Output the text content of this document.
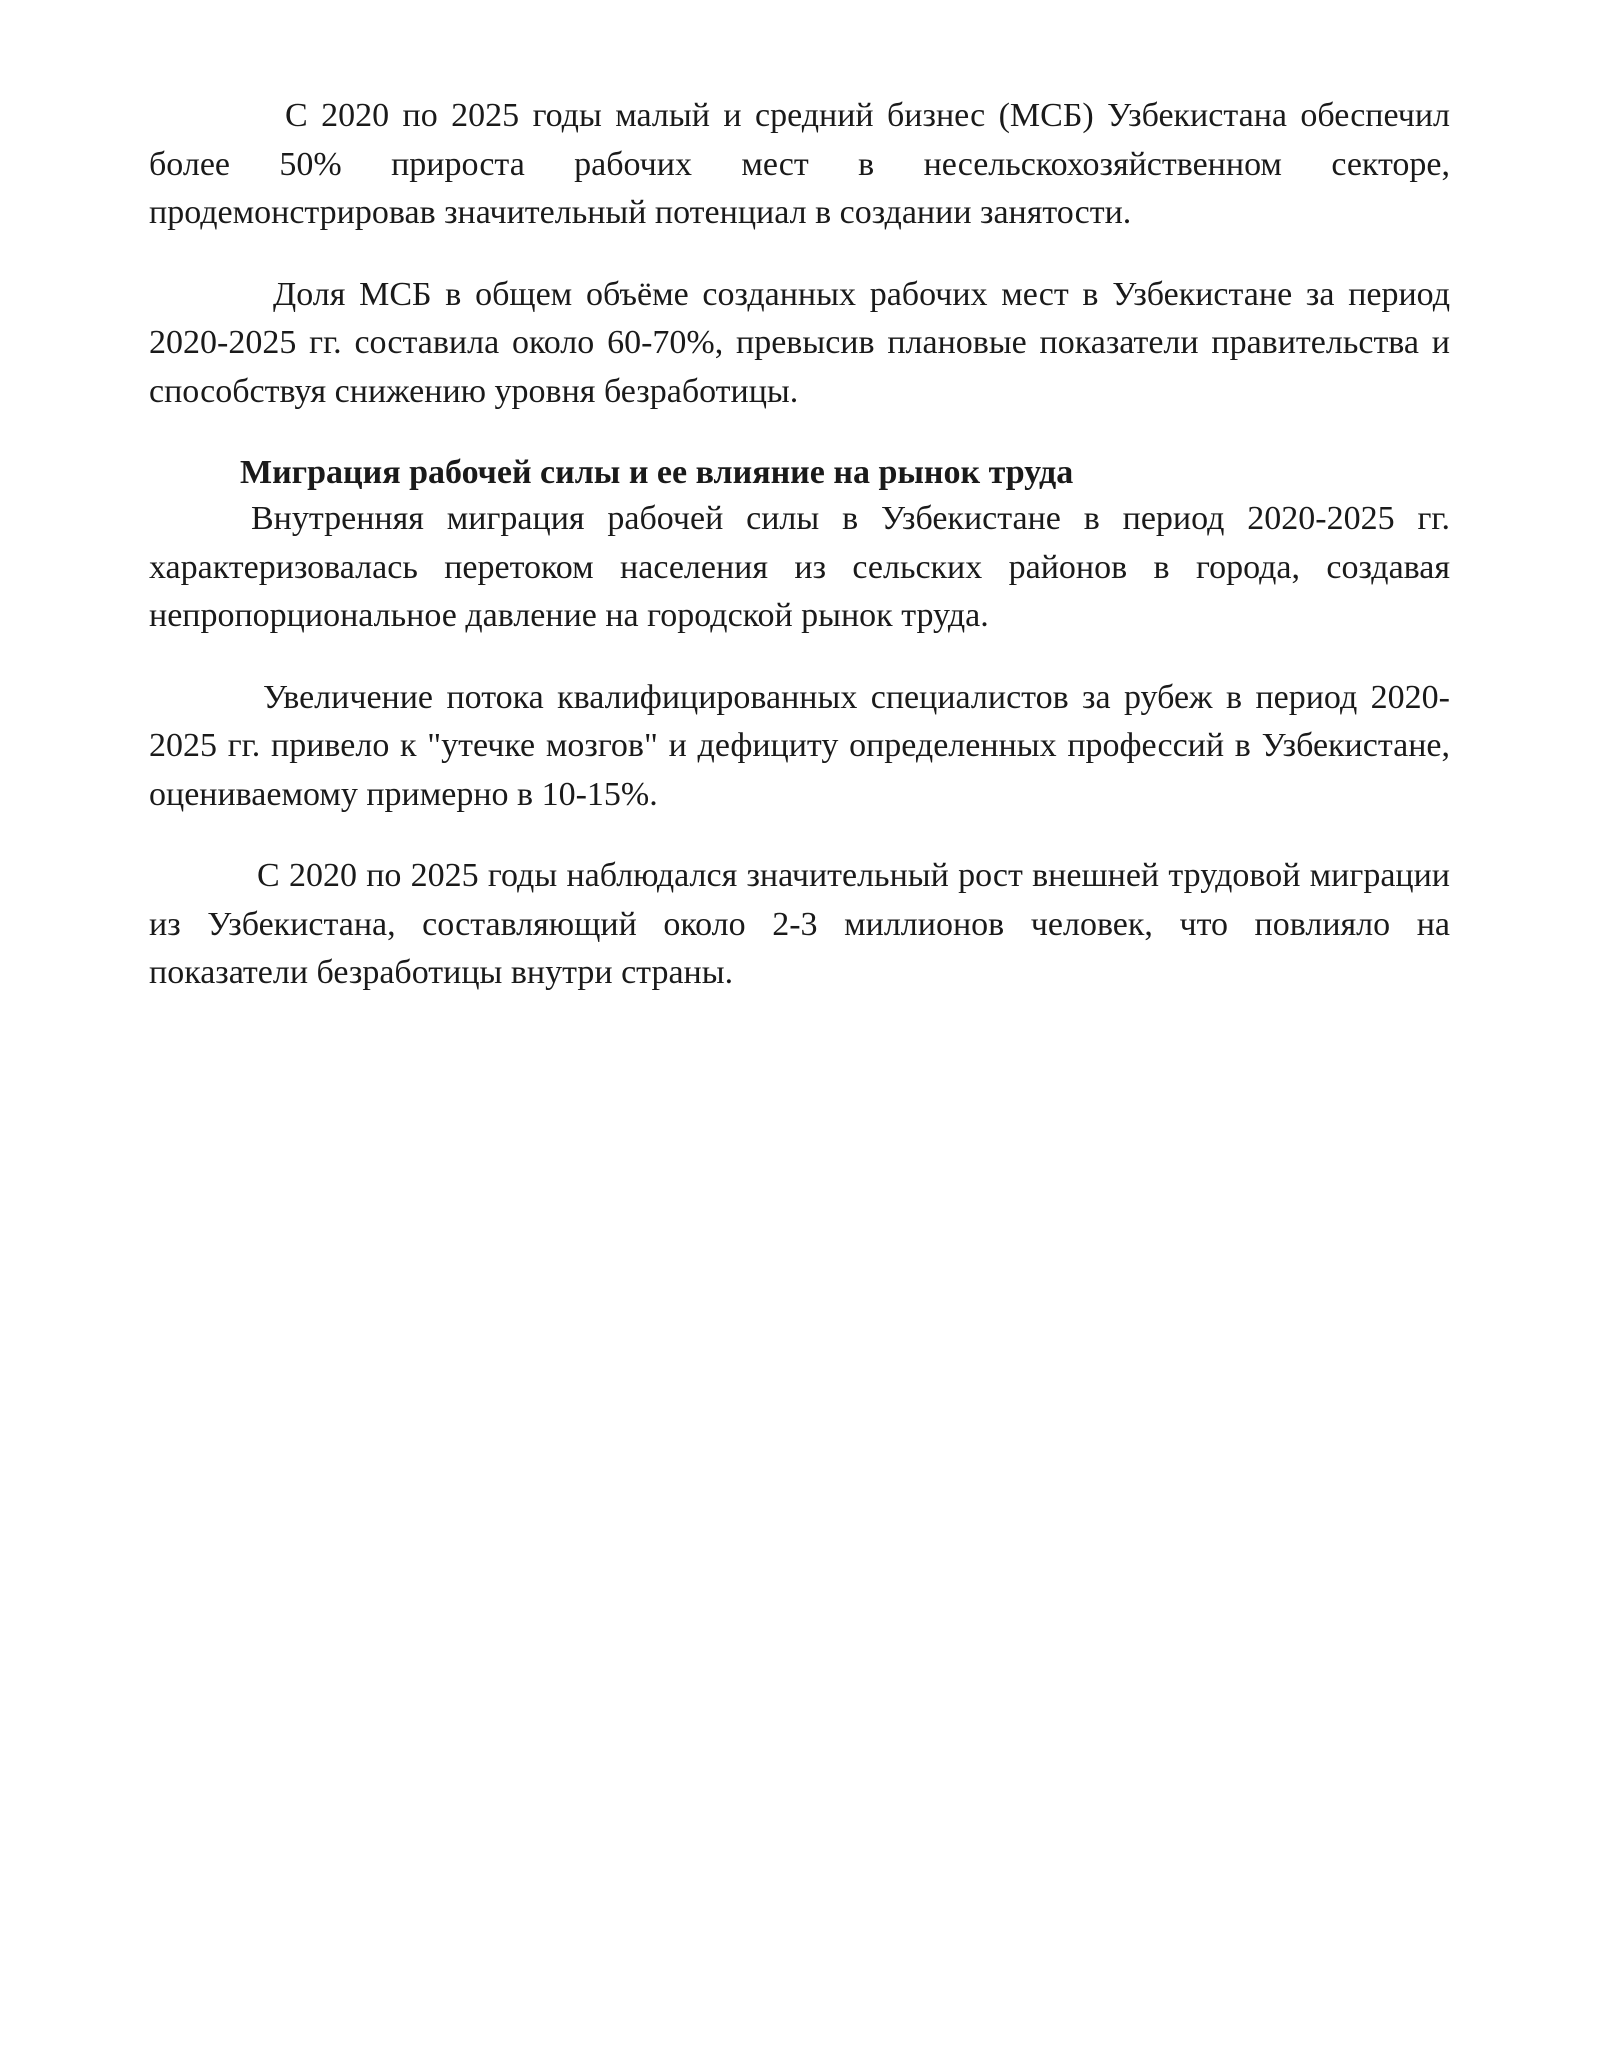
С 2020 по 2025 годы малый и средний бизнес (МСБ) Узбекистана обеспечил более 50% прироста рабочих мест в несельскохозяйственном секторе, продемонстрировав значительный потенциал в создании занятости.

Доля МСБ в общем объёме созданных рабочих мест в Узбекистане за период 2020-2025 гг. составила около 60-70%, превысив плановые показатели правительства и способствуя снижению уровня безработицы.

Миграция рабочей силы и ее влияние на рынок труда

Внутренняя миграция рабочей силы в Узбекистане в период 2020-2025 гг. характеризовалась перетоком населения из сельских районов в города, создавая непропорциональное давление на городской рынок труда.

Увеличение потока квалифицированных специалистов за рубеж в период 2020-2025 гг. привело к "утечке мозгов" и дефициту определенных профессий в Узбекистане, оцениваемому примерно в 10-15%.

С 2020 по 2025 годы наблюдался значительный рост внешней трудовой миграции из Узбекистана, составляющий около 2-3 миллионов человек, что повлияло на показатели безработицы внутри страны.
